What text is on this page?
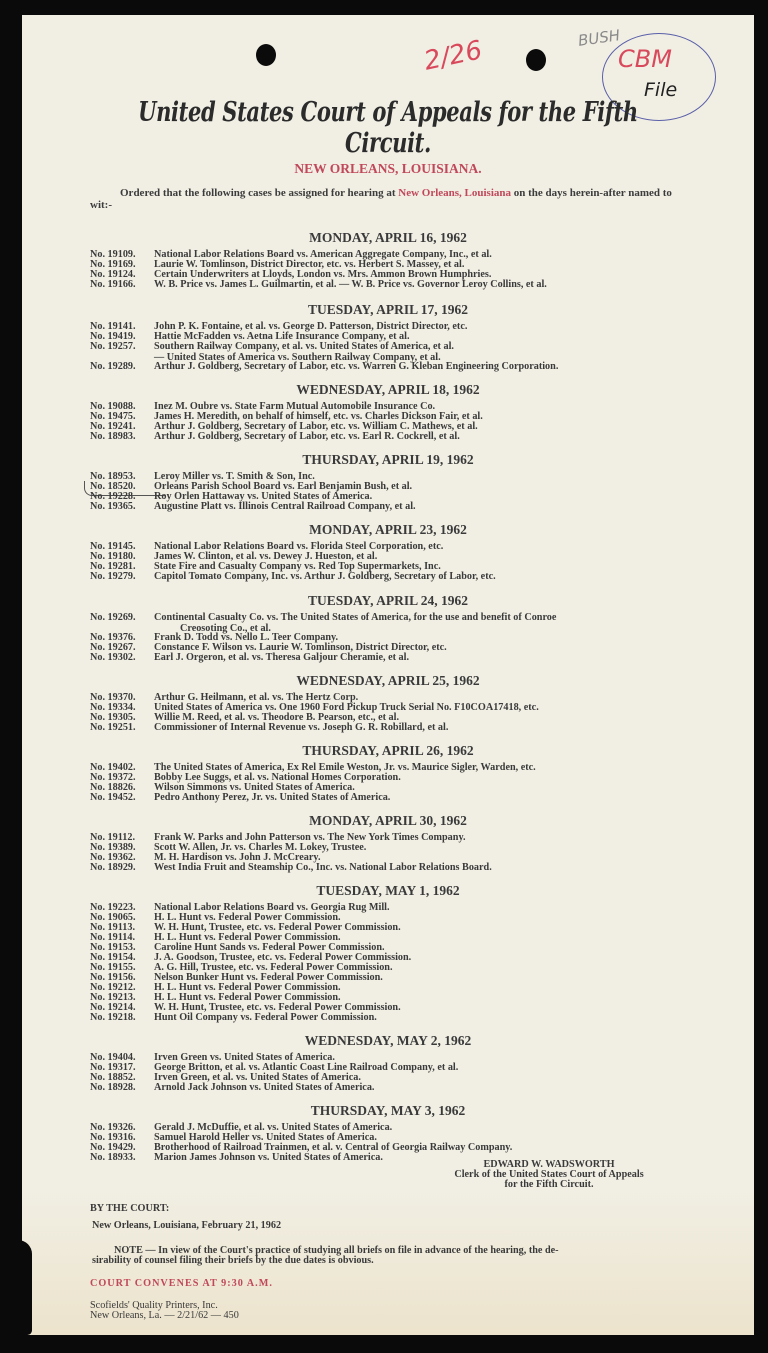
2/26	BUSH
CBM
File
United States Court of Appeals for the Fifth Circuit.
NEW ORLEANS, LOUISIANA.
Ordered that the following cases be assigned for hearing at New Orleans, Louisiana on the days herein-after named to wit:-
MONDAY, APRIL 16, 1962
No. 19109. National Labor Relations Board vs. American Aggregate Company, Inc., et al.
No. 19169. Laurie W. Tomlinson, District Director, etc. vs. Herbert S. Massey, et al.
No. 19124. Certain Underwriters at Lloyds, London vs. Mrs. Ammon Brown Humphries.
No. 19166. W. B. Price vs. James L. Guilmartin, et al. — W. B. Price vs. Governor Leroy Collins, et al.
TUESDAY, APRIL 17, 1962
No. 19141. John P. K. Fontaine, et al. vs. George D. Patterson, District Director, etc.
No. 19419. Hattie McFadden vs. Aetna Life Insurance Company, et al.
No. 19257. Southern Railway Company, et al. vs. United States of America, et al.
— United States of America vs. Southern Railway Company, et al.
No. 19289. Arthur J. Goldberg, Secretary of Labor, etc. vs. Warren G. Kleban Engineering Corporation.
WEDNESDAY, APRIL 18, 1962
No. 19088. Inez M. Oubre vs. State Farm Mutual Automobile Insurance Co.
No. 19475. James H. Meredith, on behalf of himself, etc. vs. Charles Dickson Fair, et al.
No. 19241. Arthur J. Goldberg, Secretary of Labor, etc. vs. William C. Mathews, et al.
No. 18983. Arthur J. Goldberg, Secretary of Labor, etc. vs. Earl R. Cockrell, et al.
THURSDAY, APRIL 19, 1962
No. 18953. Leroy Miller vs. T. Smith & Son, Inc.
No. 18520. Orleans Parish School Board vs. Earl Benjamin Bush, et al.
No. 19228. Roy Orlen Hattaway vs. United States of America.
No. 19365. Augustine Platt vs. Illinois Central Railroad Company, et al.
MONDAY, APRIL 23, 1962
No. 19145. National Labor Relations Board vs. Florida Steel Corporation, etc.
No. 19180. James W. Clinton, et al. vs. Dewey J. Hueston, et al.
No. 19281. State Fire and Casualty Company vs. Red Top Supermarkets, Inc.
No. 19279. Capitol Tomato Company, Inc. vs. Arthur J. Goldberg, Secretary of Labor, etc.
TUESDAY, APRIL 24, 1962
No. 19269. Continental Casualty Co. vs. The United States of America, for the use and benefit of Conroe
Creosoting Co., et al.
No. 19376. Frank D. Todd vs. Nello L. Teer Company.
No. 19267. Constance F. Wilson vs. Laurie W. Tomlinson, District Director, etc.
No. 19302. Earl J. Orgeron, et al. vs. Theresa Galjour Cheramie, et al.
WEDNESDAY, APRIL 25, 1962
No. 19370. Arthur G. Heilmann, et al. vs. The Hertz Corp.
No. 19334. United States of America vs. One 1960 Ford Pickup Truck Serial No. F10COA17418, etc.
No. 19305. Willie M. Reed, et al. vs. Theodore B. Pearson, etc., et al.
No. 19251. Commissioner of Internal Revenue vs. Joseph G. R. Robillard, et al.
THURSDAY, APRIL 26, 1962
No. 19402. The United States of America, Ex Rel Emile Weston, Jr. vs. Maurice Sigler, Warden, etc.
No. 19372. Bobby Lee Suggs, et al. vs. National Homes Corporation.
No. 18826. Wilson Simmons vs. United States of America.
No. 19452. Pedro Anthony Perez, Jr. vs. United States of America.
MONDAY, APRIL 30, 1962
No. 19112. Frank W. Parks and John Patterson vs. The New York Times Company.
No. 19389. Scott W. Allen, Jr. vs. Charles M. Lokey, Trustee.
No. 19362. M. H. Hardison vs. John J. McCreary.
No. 18929. West India Fruit and Steamship Co., Inc. vs. National Labor Relations Board.
TUESDAY, MAY 1, 1962
No. 19223. National Labor Relations Board vs. Georgia Rug Mill.
No. 19065. H. L. Hunt vs. Federal Power Commission.
No. 19113. W. H. Hunt, Trustee, etc. vs. Federal Power Commission.
No. 19114. H. L. Hunt vs. Federal Power Commission.
No. 19153. Caroline Hunt Sands vs. Federal Power Commission.
No. 19154. J. A. Goodson, Trustee, etc. vs. Federal Power Commission.
No. 19155. A. G. Hill, Trustee, etc. vs. Federal Power Commission.
No. 19156. Nelson Bunker Hunt vs. Federal Power Commission.
No. 19212. H. L. Hunt vs. Federal Power Commission.
No. 19213. H. L. Hunt vs. Federal Power Commission.
No. 19214. W. H. Hunt, Trustee, etc. vs. Federal Power Commission.
No. 19218. Hunt Oil Company vs. Federal Power Commission.
WEDNESDAY, MAY 2, 1962
No. 19404. Irven Green vs. United States of America.
No. 19317. George Britton, et al. vs. Atlantic Coast Line Railroad Company, et al.
No. 18852. Irven Green, et al. vs. United States of America.
No. 18928. Arnold Jack Johnson vs. United States of America.
THURSDAY, MAY 3, 1962
No. 19326. Gerald J. McDuffie, et al. vs. United States of America.
No. 19316. Samuel Harold Heller vs. United States of America.
No. 19429. Brotherhood of Railroad Trainmen, et al. v. Central of Georgia Railway Company.
No. 18933. Marion James Johnson vs. United States of America.
EDWARD W. WADSWORTH
Clerk of the United States Court of Appeals
for the Fifth Circuit.
BY THE COURT:
New Orleans, Louisiana, February 21, 1962
NOTE — In view of the Court's practice of studying all briefs on file in advance of the hearing, the de-
sirability of counsel filing their briefs by the due dates is obvious.
COURT CONVENES AT 9:30 A.M.
Scofields' Quality Printers, Inc.
New Orleans, La. — 2/21/62 — 450
